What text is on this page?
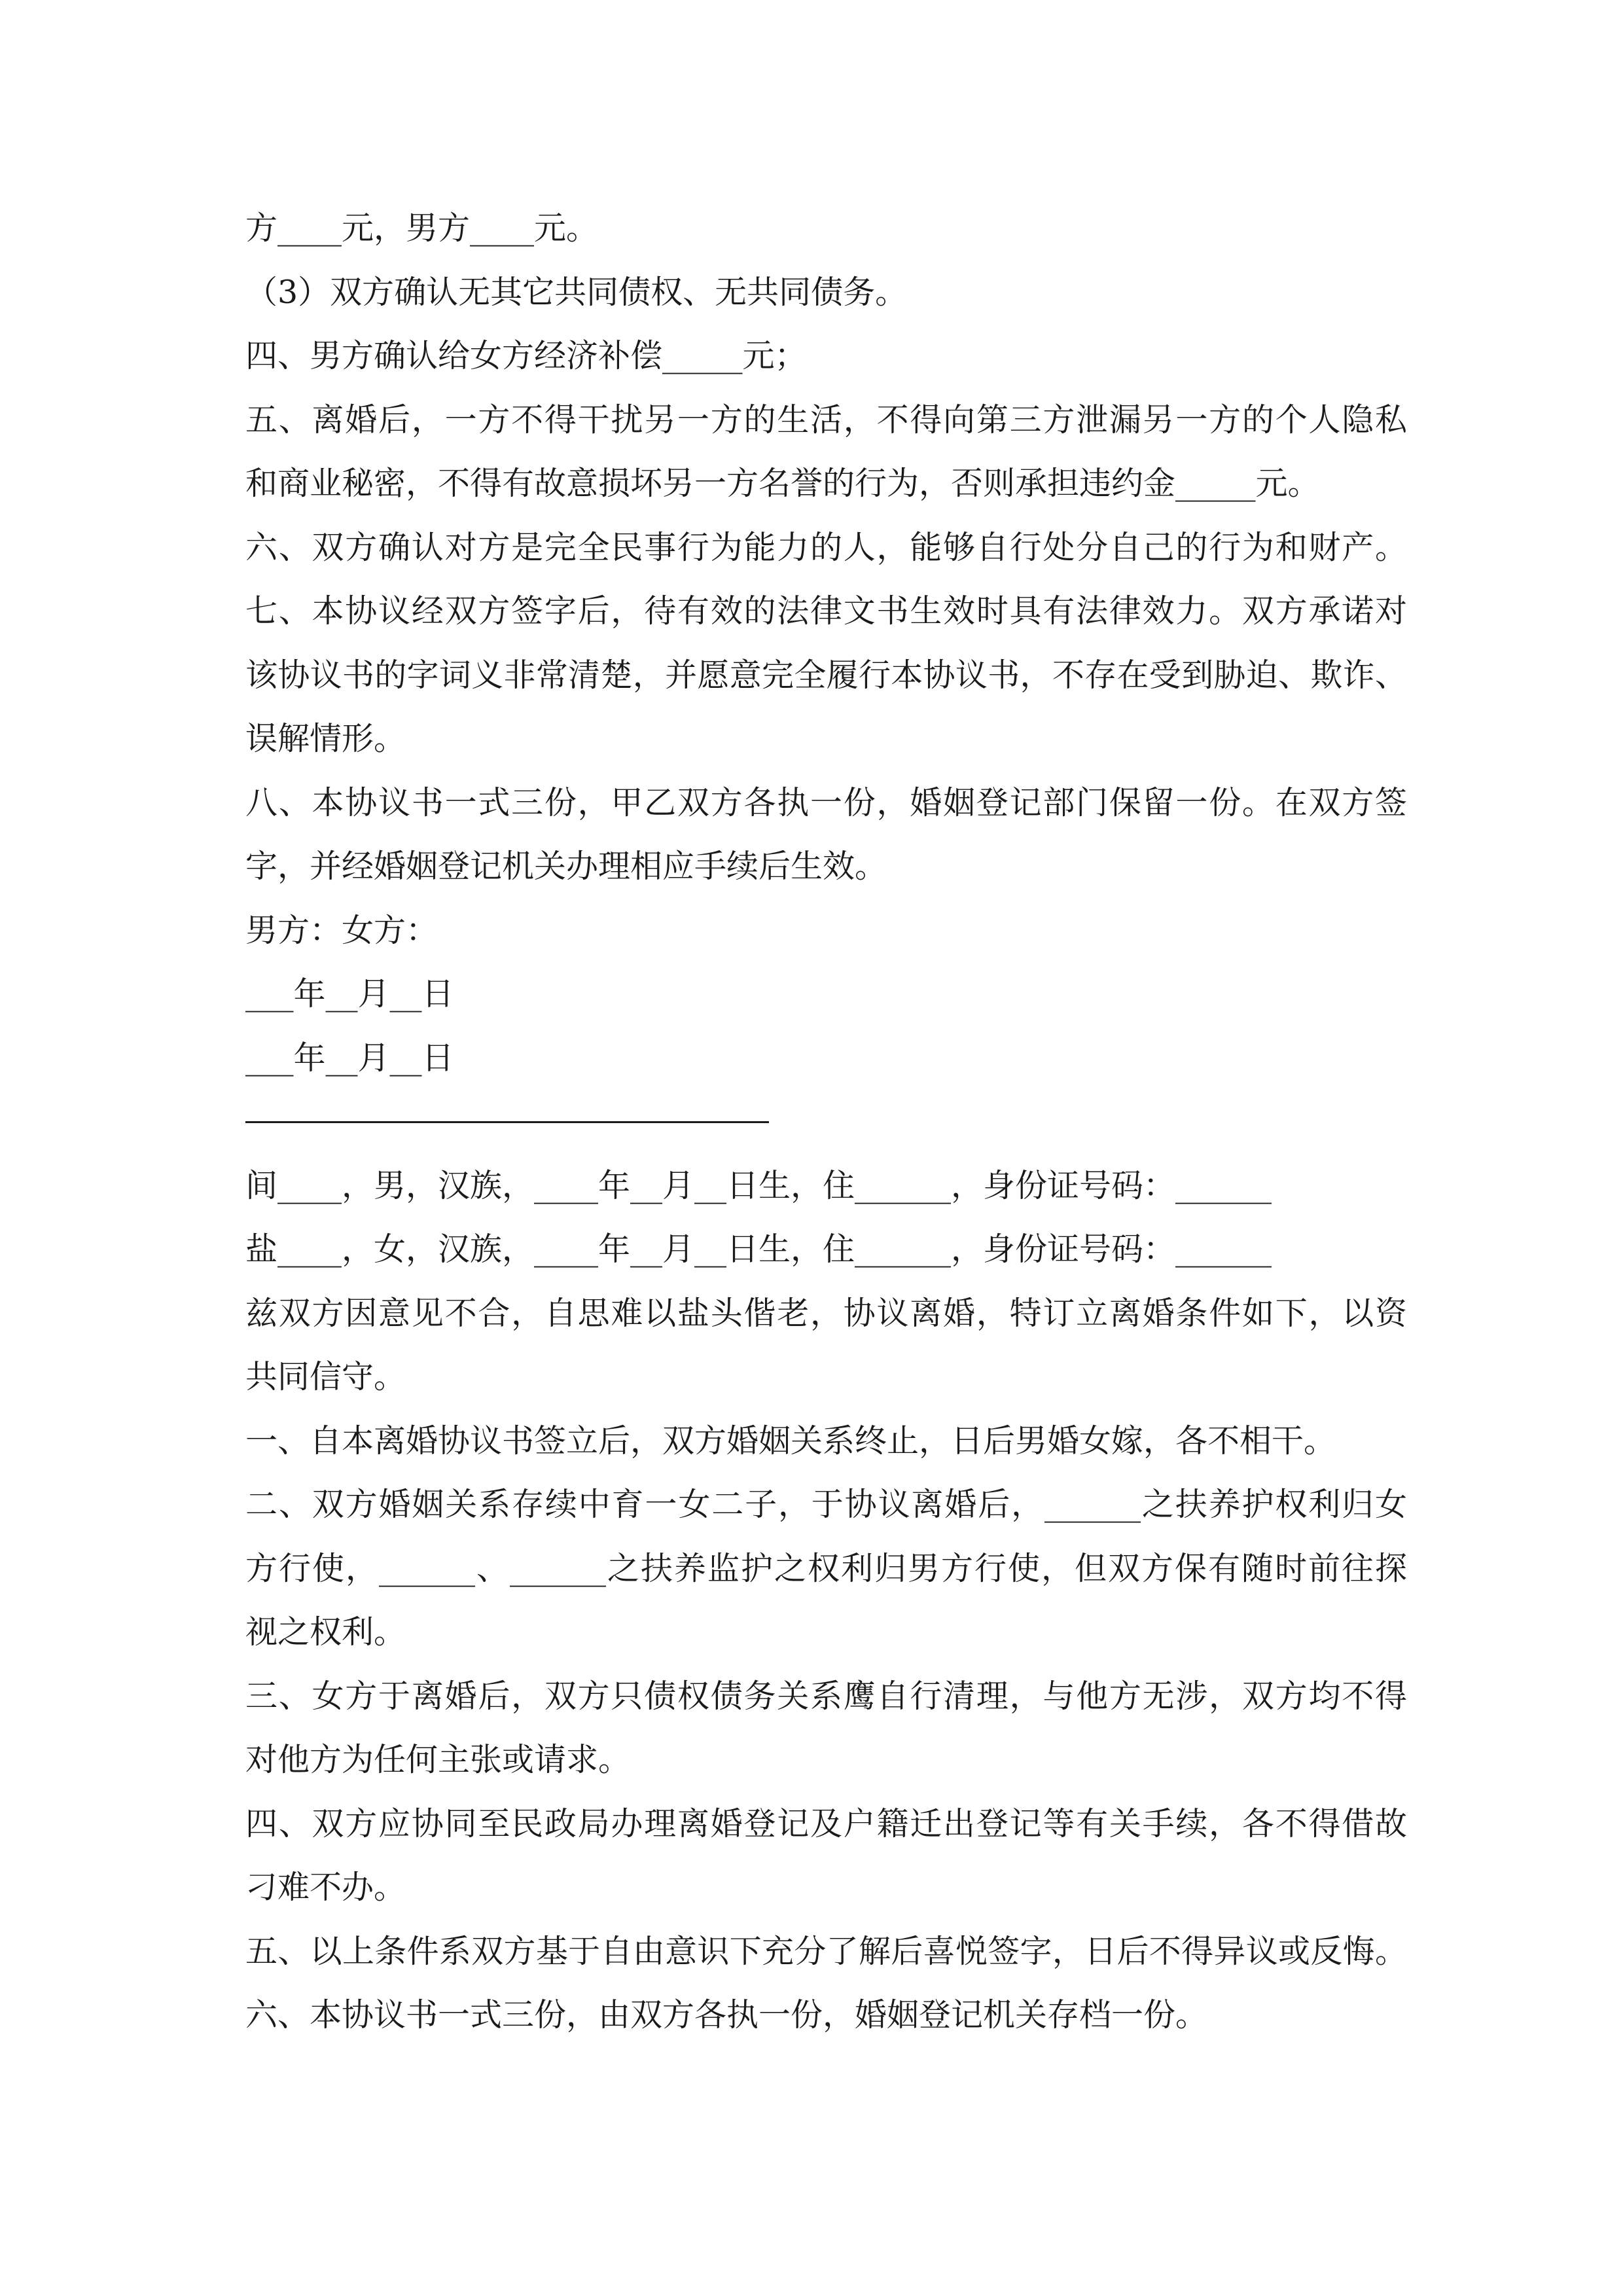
方____元，男方____元。
（3）双方确认无其它共同债权、无共同债务。
四、男方确认给女方经济补偿_____元；
五、离婚后，一方不得干扰另一方的生活，不得向第三方泄漏另一方的个人隐私
和商业秘密，不得有故意损坏另一方名誉的行为，否则承担违约金_____元。
六、双方确认对方是完全民事行为能力的人，能够自行处分自己的行为和财产。
七、本协议经双方签字后，待有效的法律文书生效时具有法律效力。双方承诺对
该协议书的字词义非常清楚，并愿意完全履行本协议书，不存在受到胁迫、欺诈、
误解情形。
八、本协议书一式三份，甲乙双方各执一份，婚姻登记部门保留一份。在双方签
字，并经婚姻登记机关办理相应手续后生效。
男方：女方：
___年__月__日
___年__月__日
间____，男，汉族，____年__月__日生，住______，身份证号码：______
盐____，女，汉族，____年__月__日生，住______，身份证号码：______
兹双方因意见不合，自思难以盐头偕老，协议离婚，特订立离婚条件如下，以资
共同信守。
一、自本离婚协议书签立后，双方婚姻关系终止，日后男婚女嫁，各不相干。
二、双方婚姻关系存续中育一女二子，于协议离婚后，______之扶养护权利归女
方行使，______、______之扶养监护之权利归男方行使，但双方保有随时前往探
视之权利。
三、女方于离婚后，双方只债权债务关系鹰自行清理，与他方无涉，双方均不得
对他方为任何主张或请求。
四、双方应协同至民政局办理离婚登记及户籍迁出登记等有关手续，各不得借故
刁难不办。
五、以上条件系双方基于自由意识下充分了解后喜悦签字，日后不得异议或反悔。
六、本协议书一式三份，由双方各执一份，婚姻登记机关存档一份。
